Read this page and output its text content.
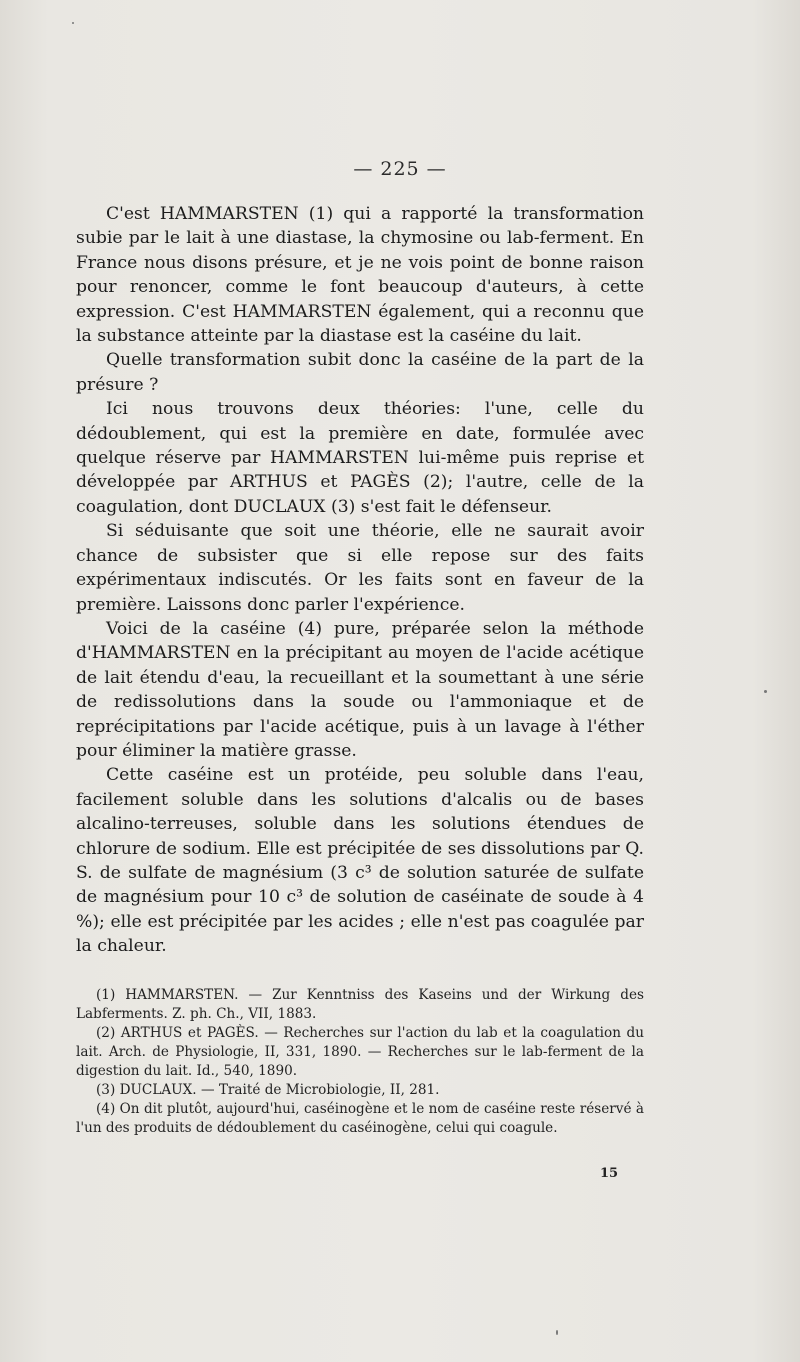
— 225 —

C'est HAMMARSTEN (1) qui a rapporté la transformation subie par le lait à une diastase, la chymosine ou lab-ferment. En France nous disons présure, et je ne vois point de bonne raison pour renoncer, comme le font beaucoup d'auteurs, à cette expression. C'est HAMMARSTEN également, qui a reconnu que la substance atteinte par la diastase est la caséine du lait.

Quelle transformation subit donc la caséine de la part de la présure ?

Ici nous trouvons deux théories: l'une, celle du dédoublement, qui est la première en date, formulée avec quelque réserve par HAMMARSTEN lui-même puis reprise et développée par ARTHUS et PAGÈS (2); l'autre, celle de la coagulation, dont DUCLAUX (3) s'est fait le défenseur.

Si séduisante que soit une théorie, elle ne saurait avoir chance de subsister que si elle repose sur des faits expérimentaux indiscutés. Or les faits sont en faveur de la première. Laissons donc parler l'expérience.

Voici de la caséine (4) pure, préparée selon la méthode d'HAMMARSTEN en la précipitant au moyen de l'acide acétique de lait étendu d'eau, la recueillant et la soumettant à une série de redissolutions dans la soude ou l'ammoniaque et de reprécipitations par l'acide acétique, puis à un lavage à l'éther pour éliminer la matière grasse.

Cette caséine est un protéide, peu soluble dans l'eau, facilement soluble dans les solutions d'alcalis ou de bases alcalino-terreuses, soluble dans les solutions étendues de chlorure de sodium. Elle est précipitée de ses dissolutions par Q. S. de sulfate de magnésium (3 c³ de solution saturée de sulfate de magnésium pour 10 c³ de solution de caséinate de soude à 4 %); elle est précipitée par les acides ; elle n'est pas coagulée par la chaleur.

(1) HAMMARSTEN. — Zur Kenntniss des Kaseins und der Wirkung des Labferments. Z. ph. Ch., VII, 1883.

(2) ARTHUS et PAGÈS. — Recherches sur l'action du lab et la coagulation du lait. Arch. de Physiologie, II, 331, 1890. — Recherches sur le lab-ferment de la digestion du lait. Id., 540, 1890.

(3) DUCLAUX. — Traité de Microbiologie, II, 281.

(4) On dit plutôt, aujourd'hui, caséinogène et le nom de caséine reste réservé à l'un des produits de dédoublement du caséinogène, celui qui coagule.

15
